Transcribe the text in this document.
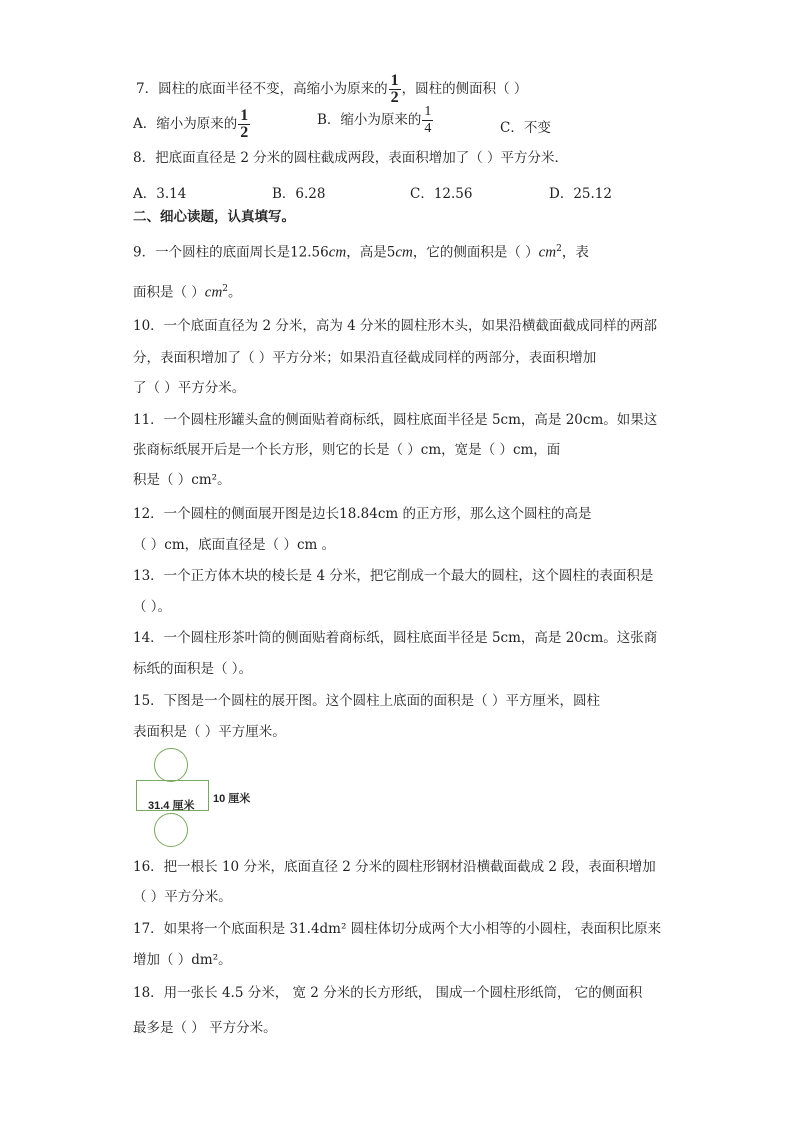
7．圆柱的底面半径不变，高缩小为原来的 $\frac{1}{2}$ ，圆柱的侧面积（ ）
A．缩小为原来的 $\frac{1}{2}$	B．缩小为原来的 $\frac{1}{4}$	C．不变
8．把底面直径是 2 分米的圆柱截成两段，表面积增加了（ ）平方分米．
A．3.14	B．6.28	C．12.56	D．25.12
二、细心读题，认真填写。
9．一个圆柱的底面周长是12.56cm，高是5cm，它的侧面积是（ ）$cm^2$，表
面积是（ ）$cm^2$。
10．一个底面直径为 2 分米，高为 4 分米的圆柱形木头，如果沿横截面截成同样的两部
分，表面积增加了（ ）平方分米；如果沿直径截成同样的两部分，表面积增加
了（ ）平方分米。
11．一个圆柱形罐头盒的侧面贴着商标纸，圆柱底面半径是 5cm，高是 20cm。如果这
张商标纸展开后是一个长方形，则它的长是（ ）cm，宽是（ ）cm，面
积是（ ）cm²。
12．一个圆柱的侧面展开图是边长18.84cm 的正方形，那么这个圆柱的高是
（ ）cm，底面直径是（ ）cm 。
13．一个正方体木块的棱长是 4 分米，把它削成一个最大的圆柱，这个圆柱的表面积是
（ ）。
14．一个圆柱形茶叶筒的侧面贴着商标纸，圆柱底面半径是 5cm，高是 20cm。这张商
标纸的面积是（ ）。
15．下图是一个圆柱的展开图。这个圆柱上底面的面积是（ ）平方厘米，圆柱
表面积是（ ）平方厘米。
31.4 厘米
10 厘米
16．把一根长 10 分米，底面直径 2 分米的圆柱形钢材沿横截面截成 2 段，表面积增加
（ ）平方分米。
17．如果将一个底面积是 31.4dm² 圆柱体切分成两个大小相等的小圆柱，表面积比原来
增加（ ）dm²。
18．用一张长 4.5 分米， 宽 2 分米的长方形纸， 围成一个圆柱形纸筒， 它的侧面积
最多是（ ） 平方分米。
